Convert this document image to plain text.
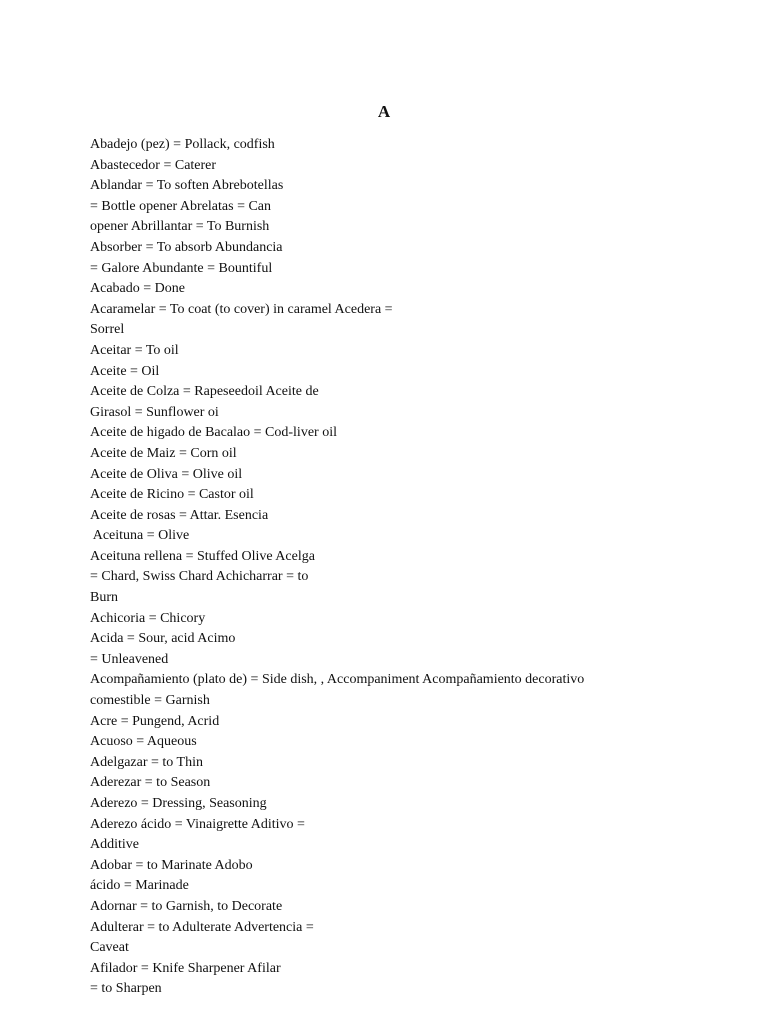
A
Abadejo (pez) = Pollack, codfish
Abastecedor = Caterer
Ablandar = To soften Abrebotellas
= Bottle opener Abrelatas = Can
opener Abrillantar = To Burnish
Absorber = To absorb Abundancia
= Galore Abundante = Bountiful
Acabado = Done
Acaramelar = To coat (to cover) in caramel Acedera =
Sorrel
Aceitar = To oil
Aceite = Oil
Aceite de Colza = Rapeseedoil Aceite de
Girasol = Sunflower oi
Aceite de higado de Bacalao = Cod-liver oil
Aceite de Maiz = Corn oil
Aceite de Oliva = Olive oil
Aceite de Ricino = Castor oil
Aceite de rosas = Attar. Esencia
Aceituna = Olive
Aceituna rellena = Stuffed Olive Acelga
= Chard, Swiss Chard Achicharrar = to
Burn
Achicoria = Chicory
Acida = Sour, acid Acimo
= Unleavened
Acompañamiento (plato de) = Side dish, , Accompaniment Acompañamiento decorativo
comestible = Garnish
Acre = Pungend, Acrid
Acuoso = Aqueous
Adelgazar = to Thin
Aderezar = to Season
Aderezo = Dressing, Seasoning
Aderezo ácido = Vinaigrette Aditivo =
Additive
Adobar = to Marinate Adobo
ácido = Marinade
Adornar = to Garnish, to Decorate
Adulterar = to Adulterate Advertencia =
Caveat
Afilador = Knife Sharpener Afilar
= to Sharpen
